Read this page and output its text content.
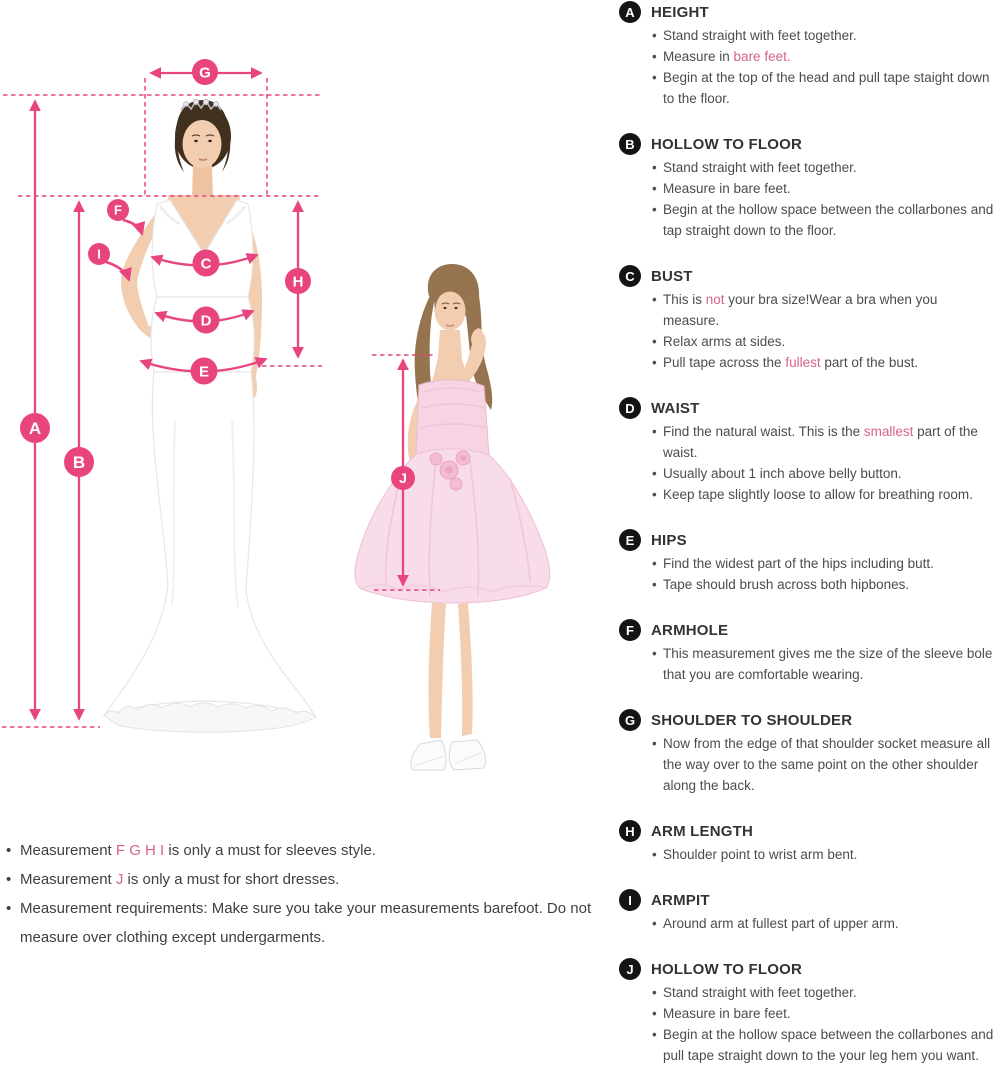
G
A
B
C
D
E
F
I
H
J
A	HEIGHT
• Stand straight with feet together.
• Measure in bare feet.
• Begin at the top of the head and pull tape staight down to the floor.
B	HOLLOW TO FLOOR
• Stand straight with feet together.
• Measure in bare feet.
• Begin at the hollow space between the collarbones and tap straight down to the floor.
C	BUST
• This is not your bra size!Wear a bra when you measure.
• Relax arms at sides.
• Pull tape across the fullest part of the bust.
D	WAIST
• Find the natural waist. This is the smallest part of the waist.
• Usually about 1 inch above belly button.
• Keep tape slightly loose to allow for breathing room.
E	HIPS
• Find the widest part of the hips including butt.
• Tape should brush across both hipbones.
F	ARMHOLE
• This measurement gives me the size of the sleeve bole that you are comfortable wearing.
G	SHOULDER TO SHOULDER
• Now from the edge of that shoulder socket measure all the way over to the same point on the other shoulder along the back.
H	ARM LENGTH
• Shoulder point to wrist arm bent.
I	ARMPIT
• Around arm at fullest part of upper arm.
J	HOLLOW TO FLOOR
• Stand straight with feet together.
• Measure in bare feet.
• Begin at the hollow space between the collarbones and pull tape straight down to the your leg hem you want.
• Measurement F G H I is only a must for sleeves style.
• Measurement J is only a must for short dresses.
• Measurement requirements: Make sure you take your measurements barefoot. Do not measure over clothing except undergarments.
